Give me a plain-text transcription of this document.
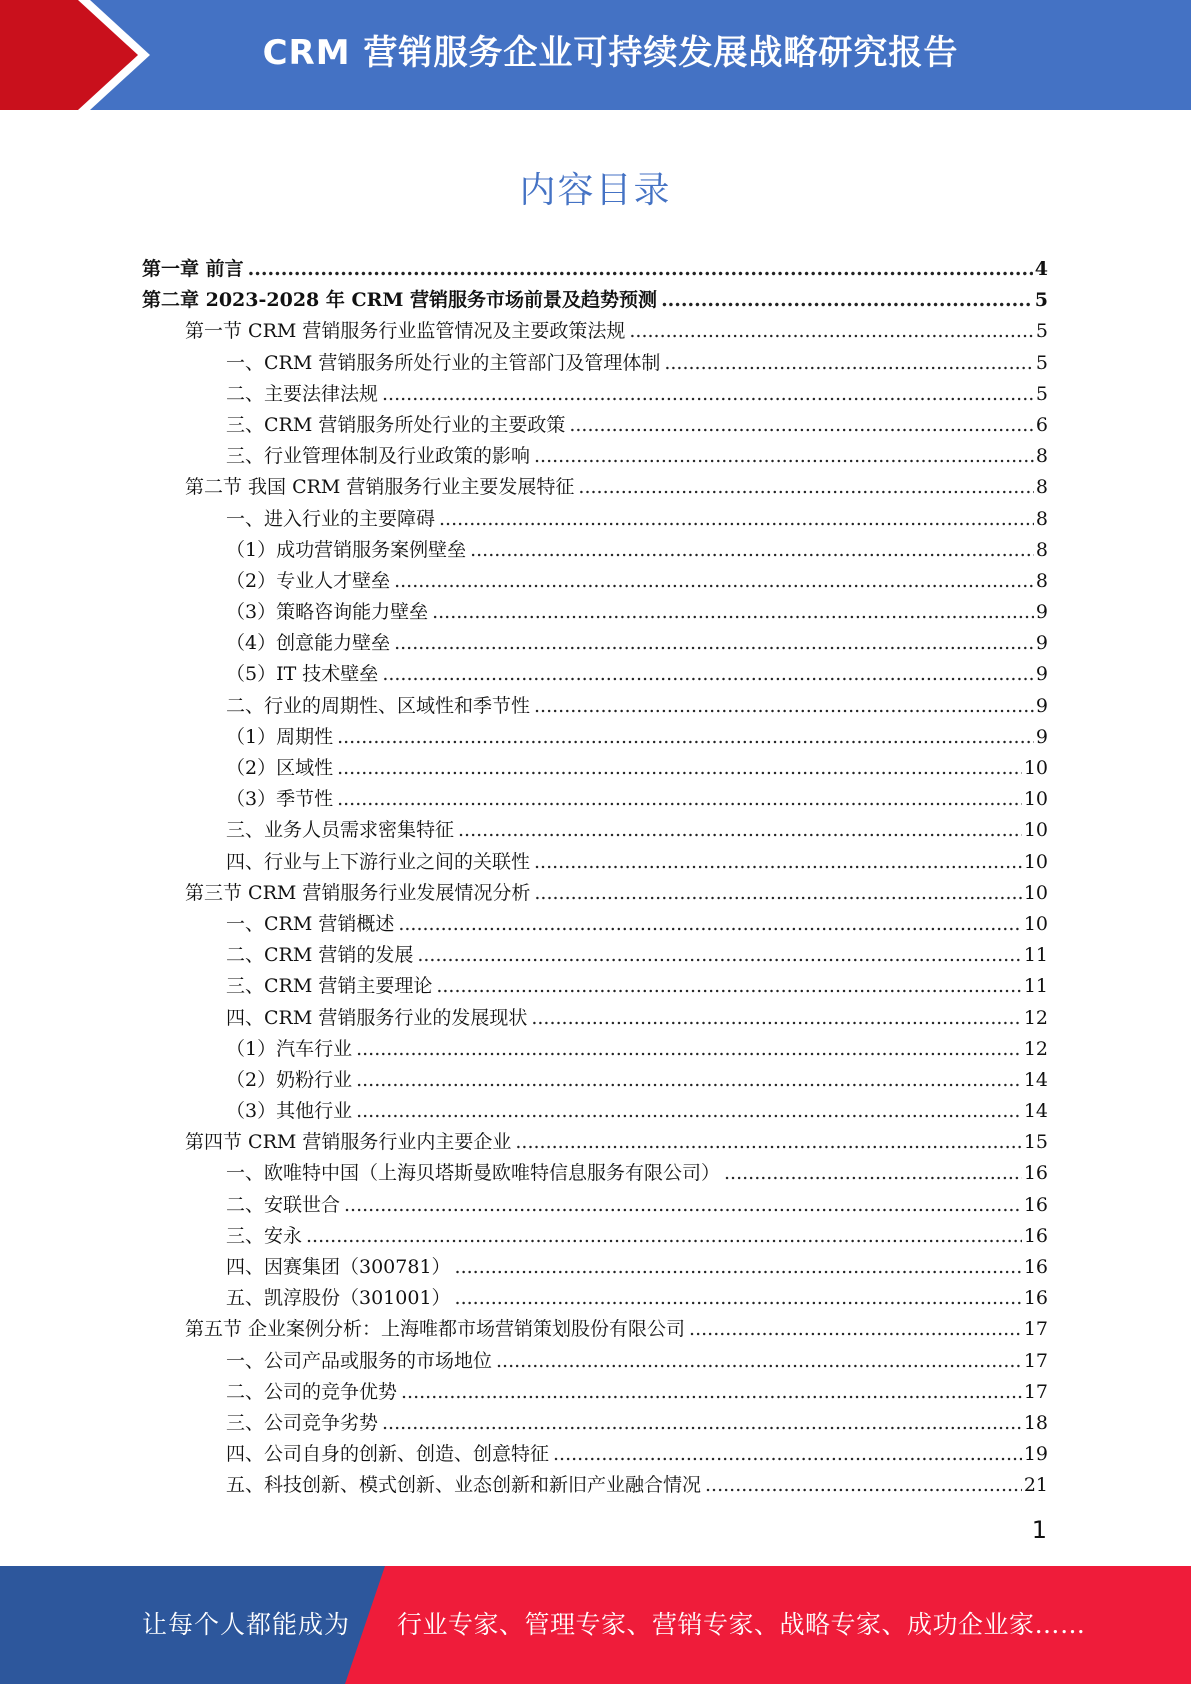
CRM 营销服务企业可持续发展战略研究报告
内容目录
第一章 前言 .....	4
第二章 2023-2028 年 CRM 营销服务市场前景及趋势预测 .....	5
第一节 CRM 营销服务行业监管情况及主要政策法规 .....	5
一、CRM 营销服务所处行业的主管部门及管理体制 .....	5
二、主要法律法规 .....	5
三、CRM 营销服务所处行业的主要政策 .....	6
三、行业管理体制及行业政策的影响 .....	8
第二节 我国 CRM 营销服务行业主要发展特征 .....	8
一、进入行业的主要障碍 .....	8
（1）成功营销服务案例壁垒 .....	8
（2）专业人才壁垒 .....	8
（3）策略咨询能力壁垒 .....	9
（4）创意能力壁垒 .....	9
（5）IT 技术壁垒 .....	9
二、行业的周期性、区域性和季节性 .....	9
（1）周期性 .....	9
（2）区域性 .....	10
（3）季节性 .....	10
三、业务人员需求密集特征 .....	10
四、行业与上下游行业之间的关联性 .....	10
第三节 CRM 营销服务行业发展情况分析 .....	10
一、CRM 营销概述 .....	10
二、CRM 营销的发展 .....	11
三、CRM 营销主要理论 .....	11
四、CRM 营销服务行业的发展现状 .....	12
（1）汽车行业 .....	12
（2）奶粉行业 .....	14
（3）其他行业 .....	14
第四节 CRM 营销服务行业内主要企业 .....	15
一、欧唯特中国（上海贝塔斯曼欧唯特信息服务有限公司） .....	16
二、安联世合 .....	16
三、安永 .....	16
四、因赛集团（300781） .....	16
五、凯淳股份（301001） .....	16
第五节 企业案例分析：上海唯都市场营销策划股份有限公司 .....	17
一、公司产品或服务的市场地位 .....	17
二、公司的竞争优势 .....	17
三、公司竞争劣势 .....	18
四、公司自身的创新、创造、创意特征 .....	19
五、科技创新、模式创新、业态创新和新旧产业融合情况 .....	21
1
让每个人都能成为 行业专家、管理专家、营销专家、战略专家、成功企业家……
